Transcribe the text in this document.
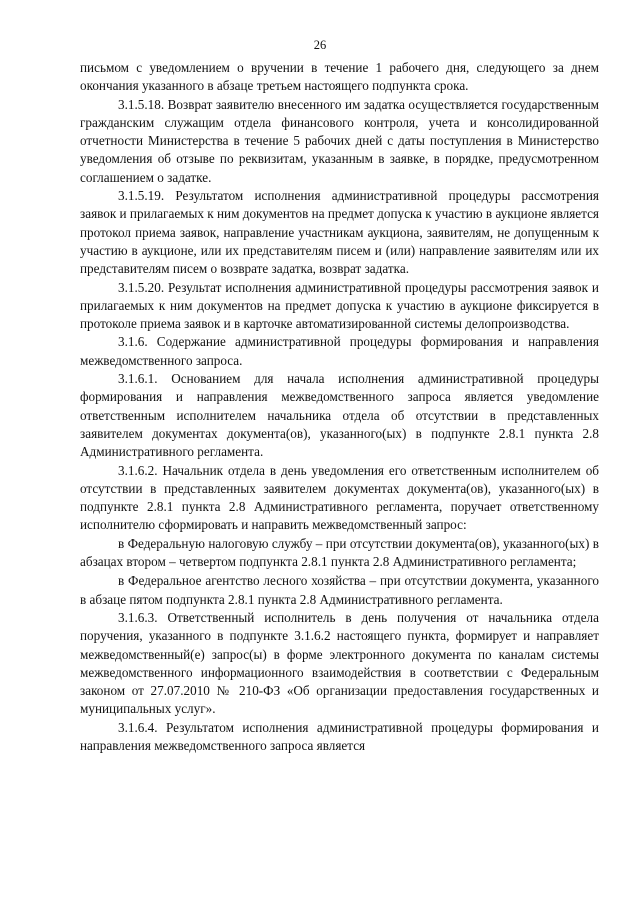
26

письмом с уведомлением о вручении в течение 1 рабочего дня, следующего за днем окончания указанного в абзаце третьем настоящего подпункта срока.

3.1.5.18. Возврат заявителю внесенного им задатка осуществляется государственным гражданским служащим отдела финансового контроля, учета и консолидированной отчетности Министерства в течение 5 рабочих дней с даты поступления в Министерство уведомления об отзыве по реквизитам, указанным в заявке, в порядке, предусмотренном соглашением о задатке.

3.1.5.19. Результатом исполнения административной процедуры рассмотрения заявок и прилагаемых к ним документов на предмет допуска к участию в аукционе является протокол приема заявок, направление участникам аукциона, заявителям, не допущенным к участию в аукционе, или их представителям писем и (или) направление заявителям или их представителям писем о возврате задатка, возврат задатка.

3.1.5.20. Результат исполнения административной процедуры рассмотрения заявок и прилагаемых к ним документов на предмет допуска к участию в аукционе фиксируется в протоколе приема заявок и в карточке автоматизированной системы делопроизводства.

3.1.6. Содержание административной процедуры формирования и направления межведомственного запроса.

3.1.6.1. Основанием для начала исполнения административной процедуры формирования и направления межведомственного запроса является уведомление ответственным исполнителем начальника отдела об отсутствии в представленных заявителем документах документа(ов), указанного(ых) в подпункте 2.8.1 пункта 2.8 Административного регламента.

3.1.6.2. Начальник отдела в день уведомления его ответственным исполнителем об отсутствии в представленных заявителем документах документа(ов), указанного(ых) в подпункте 2.8.1 пункта 2.8 Административного регламента, поручает ответственному исполнителю сформировать и направить межведомственный запрос:

в Федеральную налоговую службу – при отсутствии документа(ов), указанного(ых) в абзацах втором – четвертом подпункта 2.8.1 пункта 2.8 Административного регламента;

в Федеральное агентство лесного хозяйства – при отсутствии документа, указанного в абзаце пятом подпункта 2.8.1 пункта 2.8 Административного регламента.

3.1.6.3. Ответственный исполнитель в день получения от начальника отдела поручения, указанного в подпункте 3.1.6.2 настоящего пункта, формирует и направляет межведомственный(е) запрос(ы) в форме электронного документа по каналам системы межведомственного информационного взаимодействия в соответствии с Федеральным законом от 27.07.2010 № 210-ФЗ «Об организации предоставления государственных и муниципальных услуг».

3.1.6.4. Результатом исполнения административной процедуры формирования и направления межведомственного запроса является
